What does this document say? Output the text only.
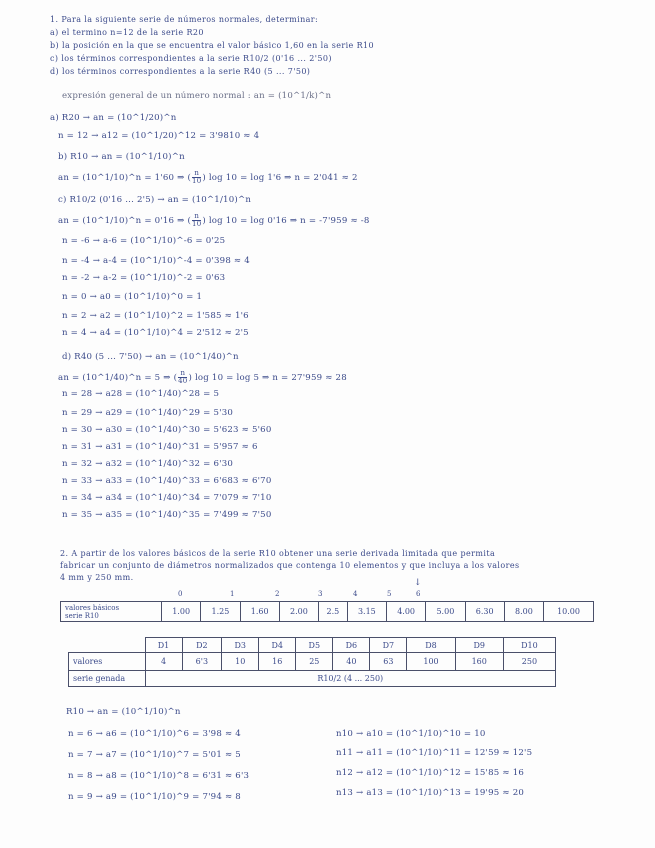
1. Para la siguiente serie de números normales, determinar:
a) el termino n=12 de la serie R20
b) la posición en la que se encuentra el valor básico 1,60 en la serie R10
c) los términos correspondientes a la serie R10/2 (0'16 ... 2'50)
d) los términos correspondientes a la serie R40 (5 ... 7'50)
expresión general de un número normal : an = (10^1/k)^n
a) R20 → an = (10^1/20)^n
n = 12 → a12 = (10^1/20)^12 = 3'9810 ≈ 4
b) R10 → an = (10^1/10)^n
an = (10^1/10)^n = 1'60 ⇒ ( $\frac{n}{10}$ ) log 10 = log 1'6 ⇒ n = 2'041 ≈ 2
c) R10/2 (0'16 ... 2'5) → an = (10^1/10)^n
an = (10^1/10)^n = 0'16 ⇒ ( $\frac{n}{10}$ ) log 10 = log 0'16 ⇒ n = -7'959 ≈ -8
n = -6 → a-6 = (10^1/10)^-6 = 0'25
n = -4 → a-4 = (10^1/10)^-4 = 0'398 ≈ 4
n = -2 → a-2 = (10^1/10)^-2 = 0'63
n = 0 → a0 = (10^1/10)^0 = 1
n = 2 → a2 = (10^1/10)^2 = 1'585 ≈ 1'6
n = 4 → a4 = (10^1/10)^4 = 2'512 ≈ 2'5
d) R40 (5 ... 7'50) → an = (10^1/40)^n
an = (10^1/40)^n = 5 ⇒ ( $\frac{n}{40}$ ) log 10 = log 5 ⇒ n = 27'959 ≈ 28
n = 28 → a28 = (10^1/40)^28 = 5
n = 29 → a29 = (10^1/40)^29 = 5'30
n = 30 → a30 = (10^1/40)^30 = 5'623 ≈ 5'60
n = 31 → a31 = (10^1/40)^31 = 5'957 ≈ 6
n = 32 → a32 = (10^1/40)^32 = 6'30
n = 33 → a33 = (10^1/40)^33 = 6'683 ≈ 6'70
n = 34 → a34 = (10^1/40)^34 = 7'079 ≈ 7'10
n = 35 → a35 = (10^1/40)^35 = 7'499 ≈ 7'50
2. A partir de los valores básicos de la serie R10 obtener una serie derivada limitada que permita
fabricar un conjunto de diámetros normalizados que contenga 10 elementos y que incluya a los valores
4 mm y 250 mm.
↓
0	1	2	3	4	5	6
valores básicos
serie R10	1.00	1.25	1.60	2.00	2.5	3.15	4.00	5.00	6.30	8.00	10.00
	D1	D2	D3	D4	D5	D6	D7	D8	D9	D10
valores	4	6'3	10	16	25	40	63	100	160	250
serie genada	R10/2 (4 ... 250)									
R10 → an = (10^1/10)^n
n = 6 → a6 = (10^1/10)^6 = 3'98 ≈ 4
n = 7 → a7 = (10^1/10)^7 = 5'01 ≈ 5
n = 8 → a8 = (10^1/10)^8 = 6'31 ≈ 6'3
n = 9 → a9 = (10^1/10)^9 = 7'94 ≈ 8
n10 → a10 = (10^1/10)^10 = 10
n11 → a11 = (10^1/10)^11 = 12'59 ≈ 12'5
n12 → a12 = (10^1/10)^12 = 15'85 ≈ 16
n13 → a13 = (10^1/10)^13 = 19'95 ≈ 20
